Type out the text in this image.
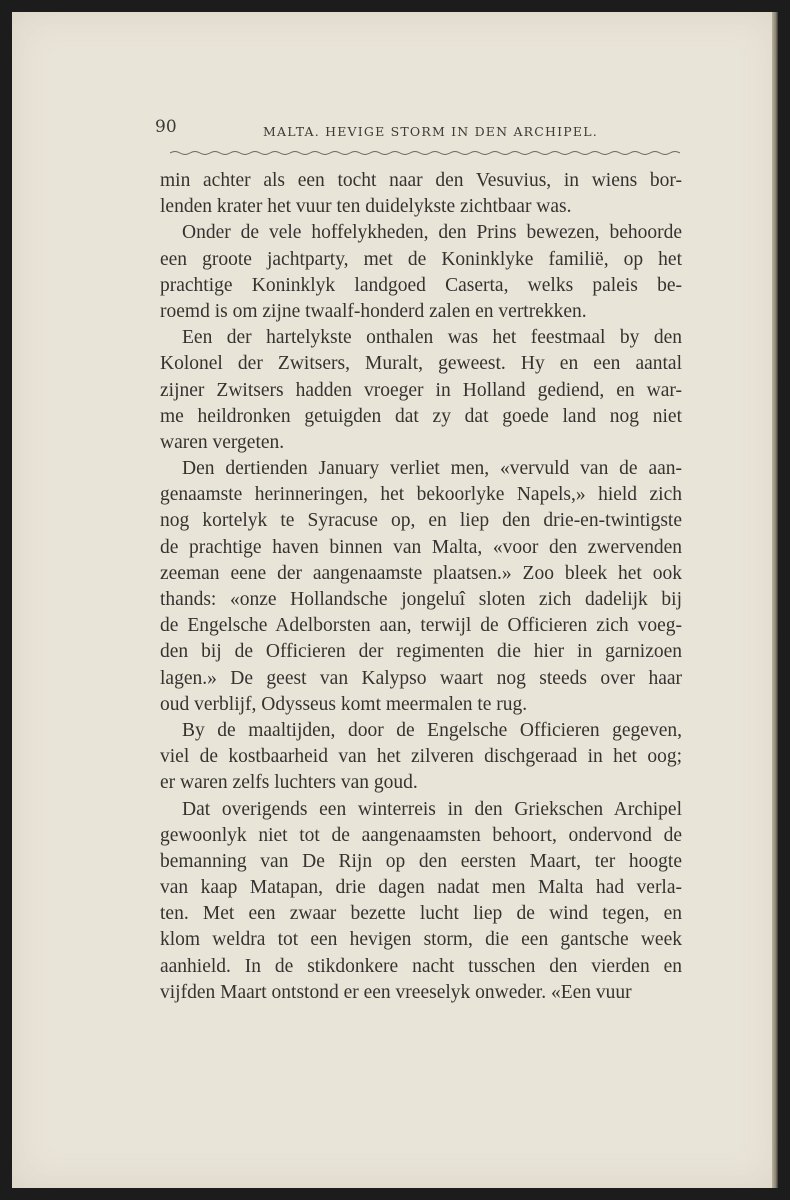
90	MALTA. HEVIGE STORM IN DEN ARCHIPEL.
min achter als een tocht naar den Vesuvius, in wiens bor-
lenden krater het vuur ten duidelykste zichtbaar was.
Onder de vele hoffelykheden, den Prins bewezen, behoorde
een groote jachtparty, met de Koninklyke familië, op het
prachtige Koninklyk landgoed Caserta, welks paleis be-
roemd is om zijne twaalf-honderd zalen en vertrekken.
Een der hartelykste onthalen was het feestmaal by den
Kolonel der Zwitsers, Muralt, geweest. Hy en een aantal
zijner Zwitsers hadden vroeger in Holland gediend, en war-
me heildronken getuigden dat zy dat goede land nog niet
waren vergeten.
Den dertienden January verliet men, «vervuld van de aan-
genaamste herinneringen, het bekoorlyke Napels,» hield zich
nog kortelyk te Syracuse op, en liep den drie-en-twintigste
de prachtige haven binnen van Malta, «voor den zwervenden
zeeman eene der aangenaamste plaatsen.» Zoo bleek het ook
thands: «onze Hollandsche jongeluî sloten zich dadelijk bij
de Engelsche Adelborsten aan, terwijl de Officieren zich voeg-
den bij de Officieren der regimenten die hier in garnizoen
lagen.» De geest van Kalypso waart nog steeds over haar
oud verblijf, Odysseus komt meermalen te rug.
By de maaltijden, door de Engelsche Officieren gegeven,
viel de kostbaarheid van het zilveren dischgeraad in het oog;
er waren zelfs luchters van goud.
Dat overigends een winterreis in den Griekschen Archipel
gewoonlyk niet tot de aangenaamsten behoort, ondervond de
bemanning van De Rijn op den eersten Maart, ter hoogte
van kaap Matapan, drie dagen nadat men Malta had verla-
ten. Met een zwaar bezette lucht liep de wind tegen, en
klom weldra tot een hevigen storm, die een gantsche week
aanhield. In de stikdonkere nacht tusschen den vierden en
vijfden Maart ontstond er een vreeselyk onweder. «Een vuur
